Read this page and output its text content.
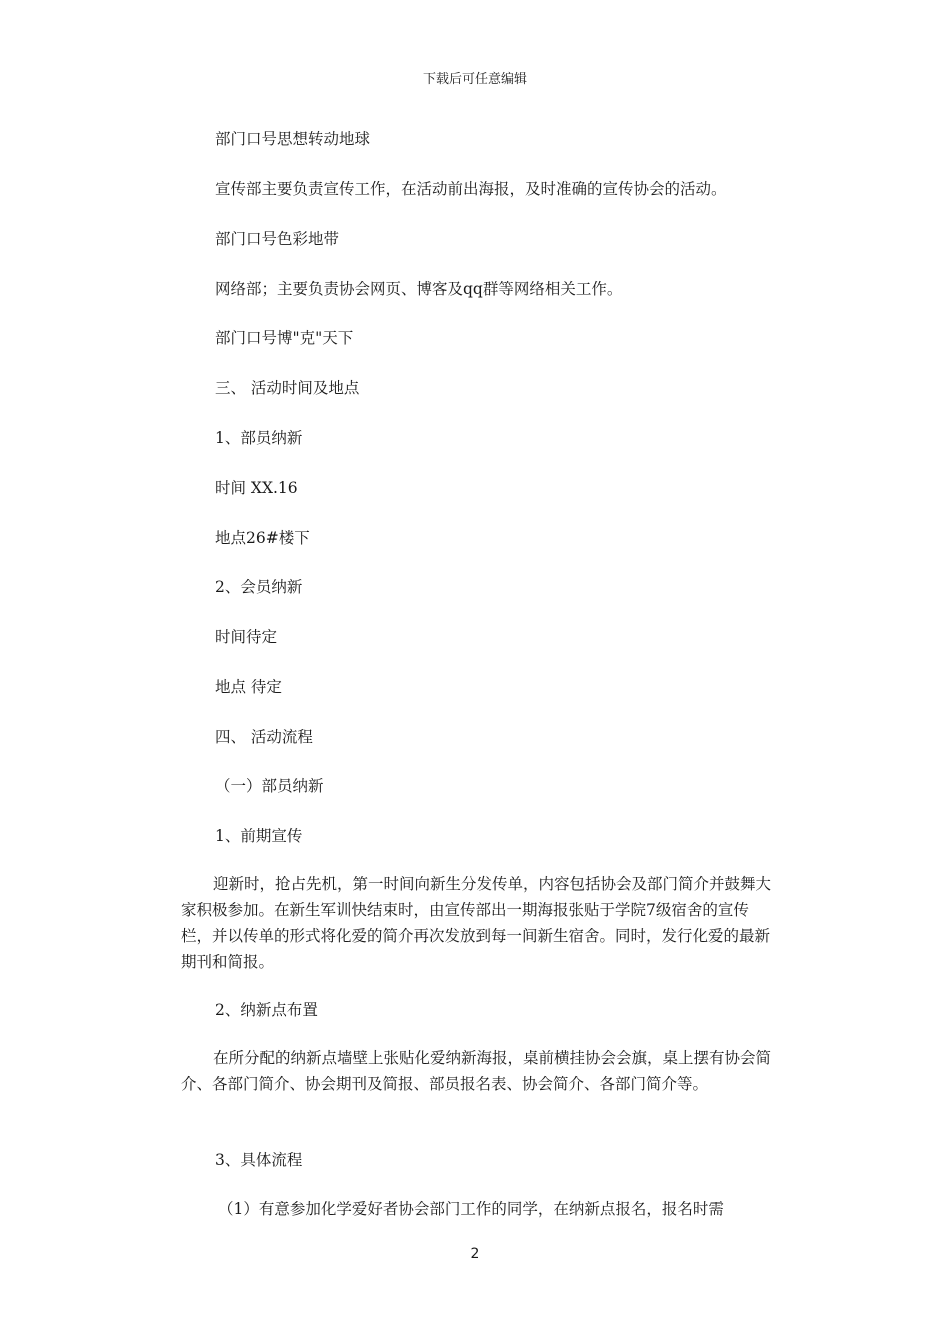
下载后可任意编辑
部门口号思想转动地球
宣传部主要负责宣传工作，在活动前出海报，及时准确的宣传协会的活动。
部门口号色彩地带
网络部；主要负责协会网页、博客及qq群等网络相关工作。
部门口号博"克"天下
三、 活动时间及地点
1、部员纳新
时间 XX.16
地点26#楼下
2、会员纳新
时间待定
地点 待定
四、 活动流程
（一）部员纳新
1、前期宣传
迎新时，抢占先机，第一时间向新生分发传单，内容包括协会及部门简介并鼓舞大家积极参加。在新生军训快结束时，由宣传部出一期海报张贴于学院7级宿舍的宣传栏，并以传单的形式将化爱的简介再次发放到每一间新生宿舍。同时，发行化爱的最新期刊和简报。
2、纳新点布置
在所分配的纳新点墙壁上张贴化爱纳新海报，桌前横挂协会会旗，桌上摆有协会简介、各部门简介、协会期刊及简报、部员报名表、协会简介、各部门简介等。
3、具体流程
（1）有意参加化学爱好者协会部门工作的同学，在纳新点报名，报名时需
2
